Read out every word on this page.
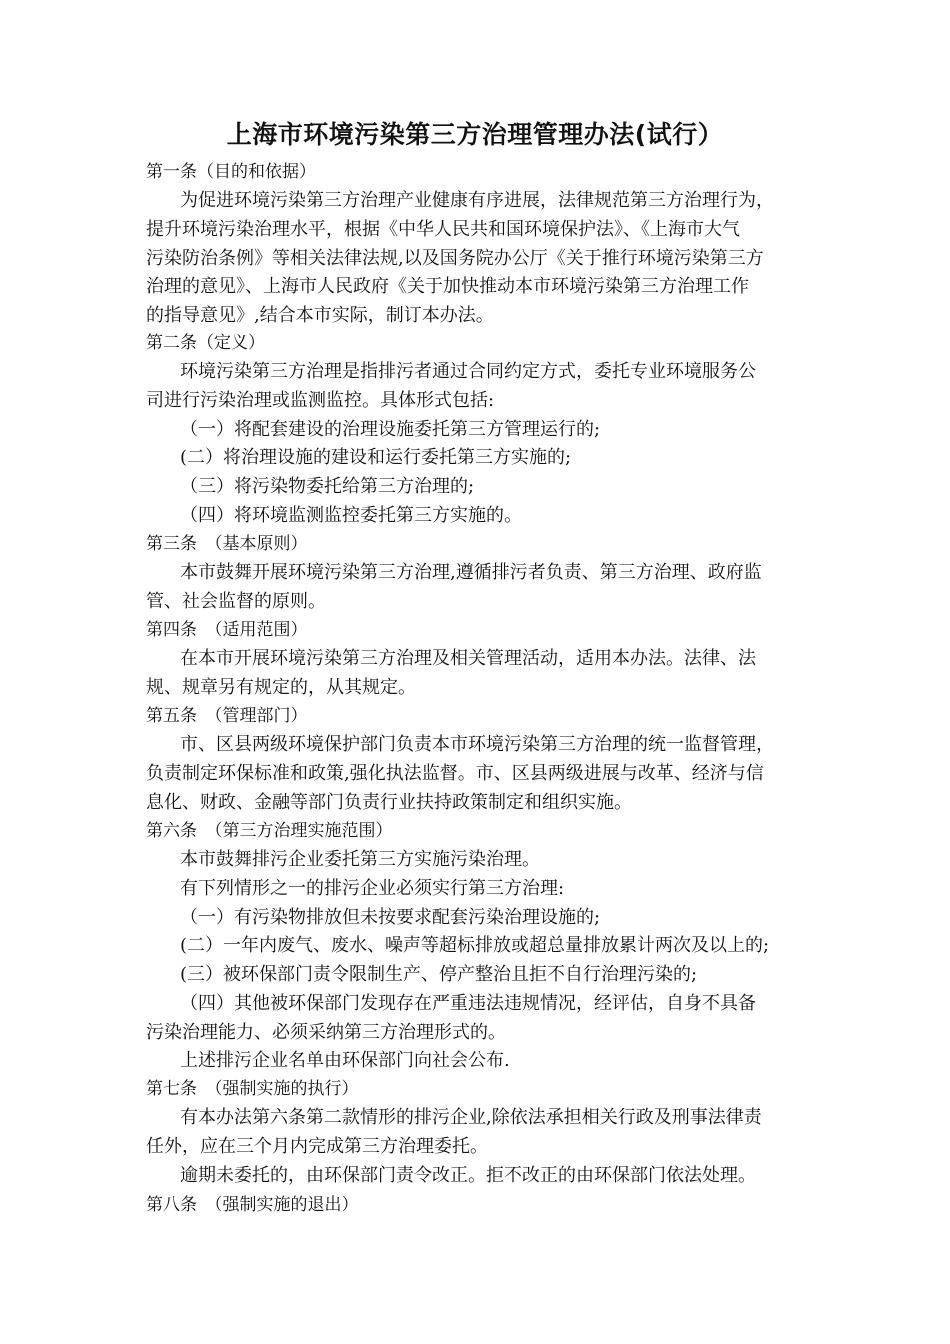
上海市环境污染第三方治理管理办法(试行）
第一条（目的和依据）
为促进环境污染第三方治理产业健康有序进展，法律规范第三方治理行为，
提升环境污染治理水平，根据《中华人民共和国环境保护法》、《上海市大气
污染防治条例》等相关法律法规,以及国务院办公厅《关于推行环境污染第三方
治理的意见》、上海市人民政府《关于加快推动本市环境污染第三方治理工作
的指导意见》,结合本市实际，制订本办法。
第二条（定义）
环境污染第三方治理是指排污者通过合同约定方式，委托专业环境服务公
司进行污染治理或监测监控。具体形式包括:
（一）将配套建设的治理设施委托第三方管理运行的;
(二）将治理设施的建设和运行委托第三方实施的;
（三）将污染物委托给第三方治理的;
（四）将环境监测监控委托第三方实施的。
第三条　（基本原则）
本市鼓舞开展环境污染第三方治理,遵循排污者负责、第三方治理、政府监
管、社会监督的原则。
第四条　（适用范围）
在本市开展环境污染第三方治理及相关管理活动，适用本办法。法律、法
规、规章另有规定的，从其规定。
第五条　（管理部门）
市、区县两级环境保护部门负责本市环境污染第三方治理的统一监督管理，
负责制定环保标准和政策,强化执法监督。市、区县两级进展与改革、经济与信
息化、财政、金融等部门负责行业扶持政策制定和组织实施。
第六条　（第三方治理实施范围）
本市鼓舞排污企业委托第三方实施污染治理。
有下列情形之一的排污企业必须实行第三方治理:
（一）有污染物排放但未按要求配套污染治理设施的;
(二）一年内废气、废水、噪声等超标排放或超总量排放累计两次及以上的;
(三）被环保部门责令限制生产、停产整治且拒不自行治理污染的;
（四）其他被环保部门发现存在严重违法违规情况，经评估，自身不具备
污染治理能力、必须采纳第三方治理形式的。
上述排污企业名单由环保部门向社会公布.
第七条　（强制实施的执行）
有本办法第六条第二款情形的排污企业,除依法承担相关行政及刑事法律责
任外，应在三个月内完成第三方治理委托。
逾期未委托的，由环保部门责令改正。拒不改正的由环保部门依法处理。
第八条　（强制实施的退出）
